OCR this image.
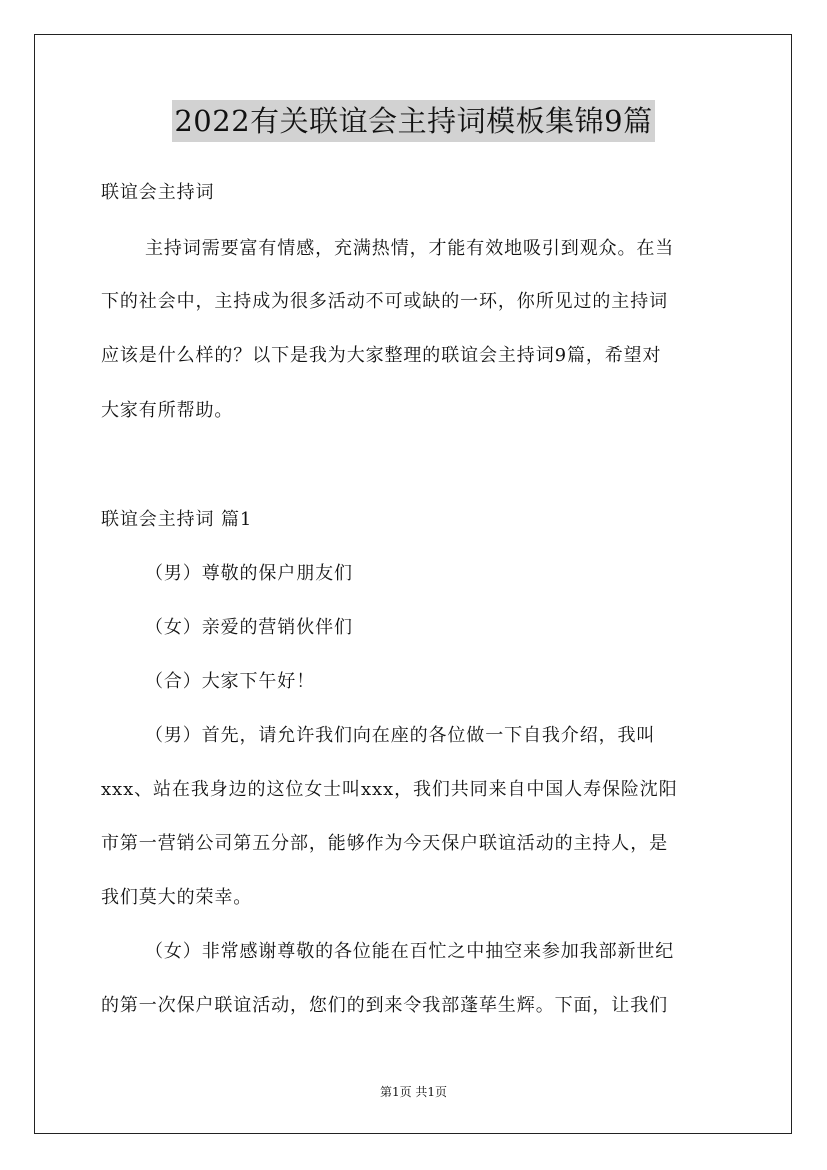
2022有关联谊会主持词模板集锦9篇
联谊会主持词
主持词需要富有情感，充满热情，才能有效地吸引到观众。在当
下的社会中，主持成为很多活动不可或缺的一环，你所见过的主持词
应该是什么样的？以下是我为大家整理的联谊会主持词9篇，希望对
大家有所帮助。
联谊会主持词 篇1
（男）尊敬的保户朋友们
（女）亲爱的营销伙伴们
（合）大家下午好！
（男）首先，请允许我们向在座的各位做一下自我介绍，我叫
xxx、站在我身边的这位女士叫xxx，我们共同来自中国人寿保险沈阳
市第一营销公司第五分部，能够作为今天保户联谊活动的主持人，是
我们莫大的荣幸。
（女）非常感谢尊敬的各位能在百忙之中抽空来参加我部新世纪
的第一次保户联谊活动，您们的到来令我部蓬荜生辉。下面，让我们
第1页 共1页
